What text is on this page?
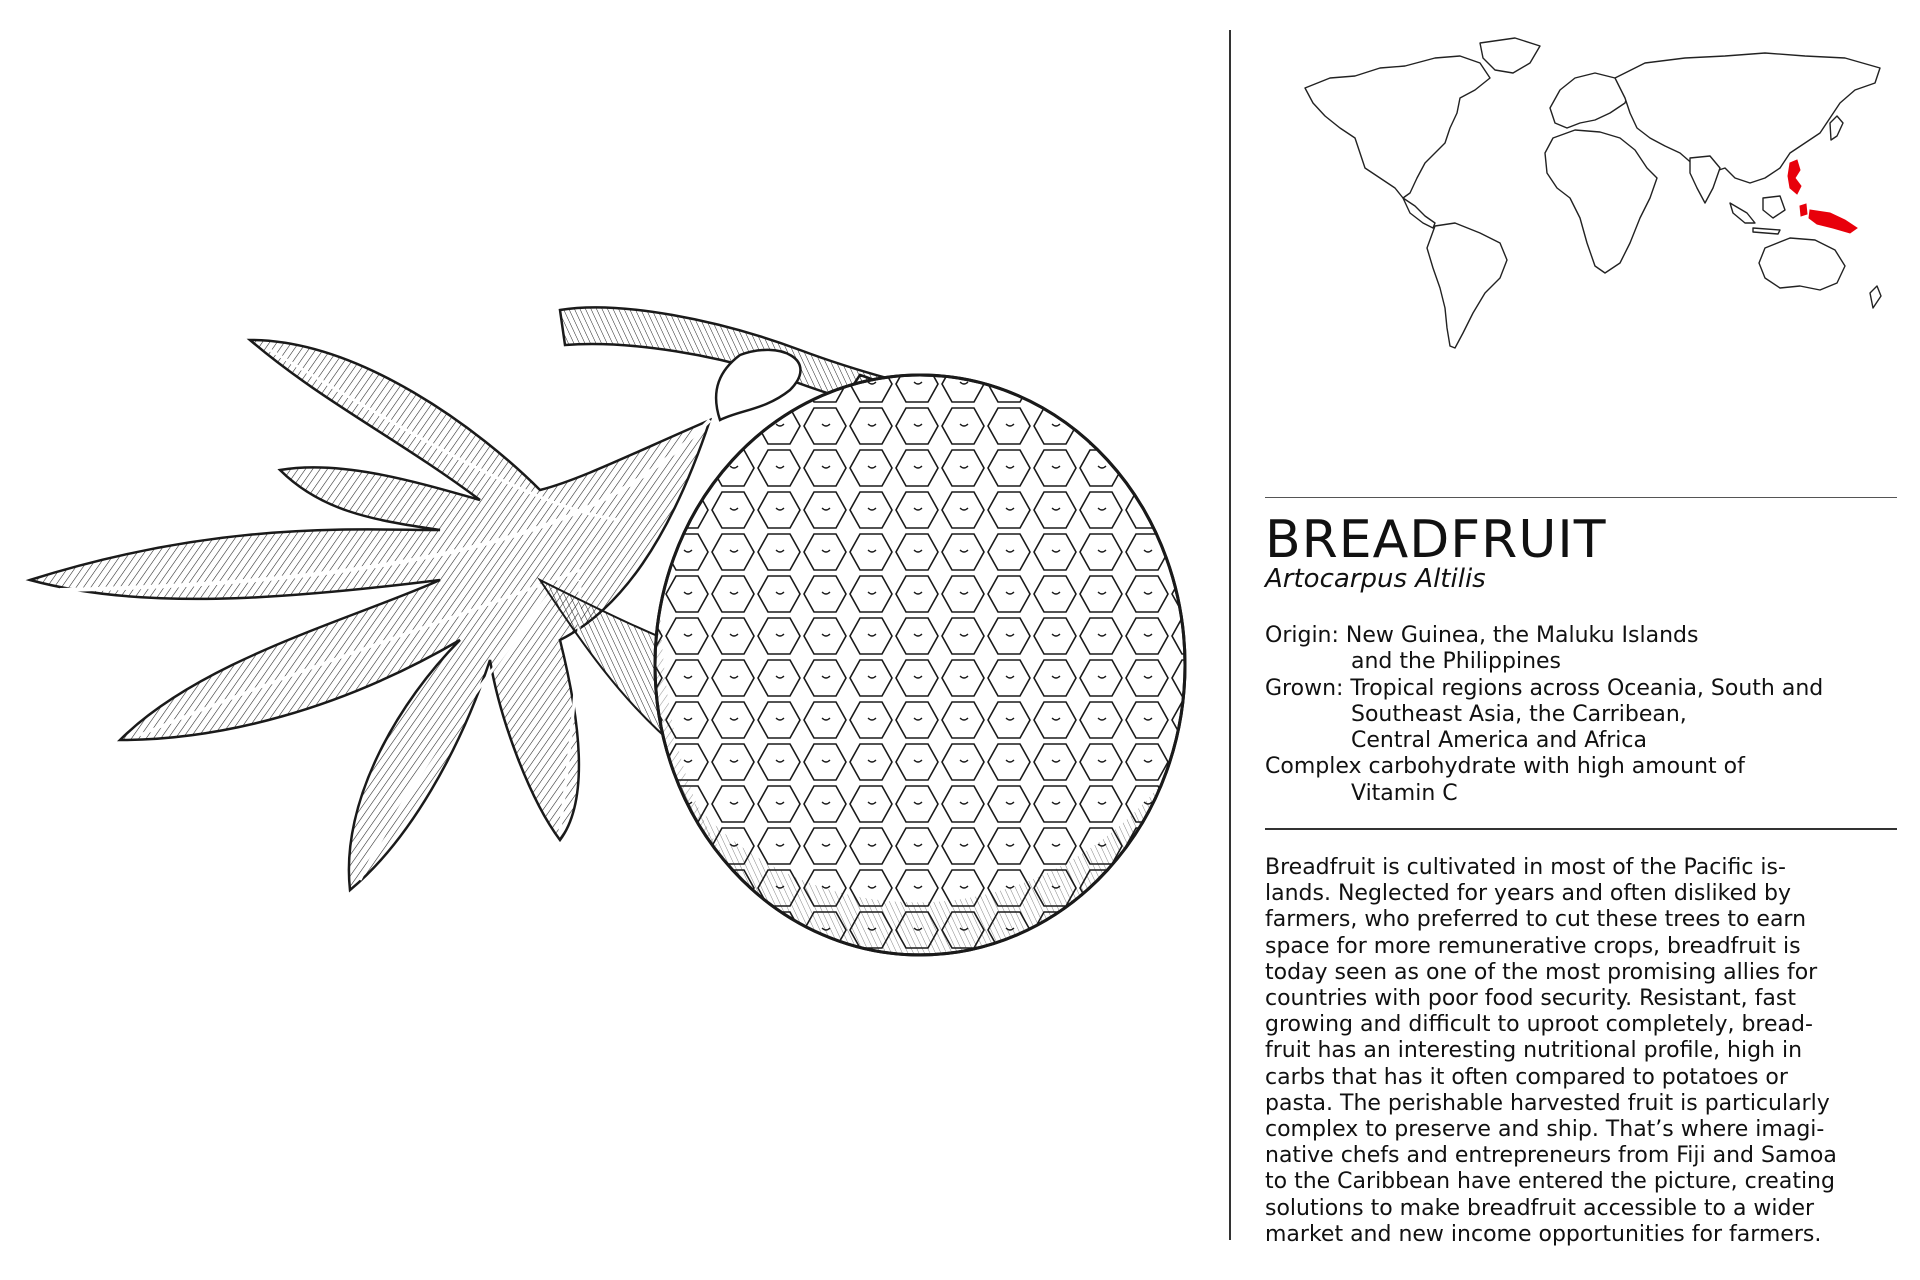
BREADFRUIT
Artocarpus Altilis
Origin: New Guinea, the Maluku Islands
and the Philippines
Grown: Tropical regions across Oceania, South and
Southeast Asia, the Carribean,
Central America and Africa
Complex carbohydrate with high amount of
Vitamin C
Breadfruit is cultivated in most of the Pacific is-
lands. Neglected for years and often disliked by
farmers, who preferred to cut these trees to earn
space for more remunerative crops, breadfruit is
today seen as one of the most promising allies for
countries with poor food security. Resistant, fast
growing and difficult to uproot completely, bread-
fruit has an interesting nutritional profile, high in
carbs that has it often compared to potatoes or
pasta. The perishable harvested fruit is particularly
complex to preserve and ship. That’s where imagi-
native chefs and entrepreneurs from Fiji and Samoa
to the Caribbean have entered the picture, creating
solutions to make breadfruit accessible to a wider
market and new income opportunities for farmers.
